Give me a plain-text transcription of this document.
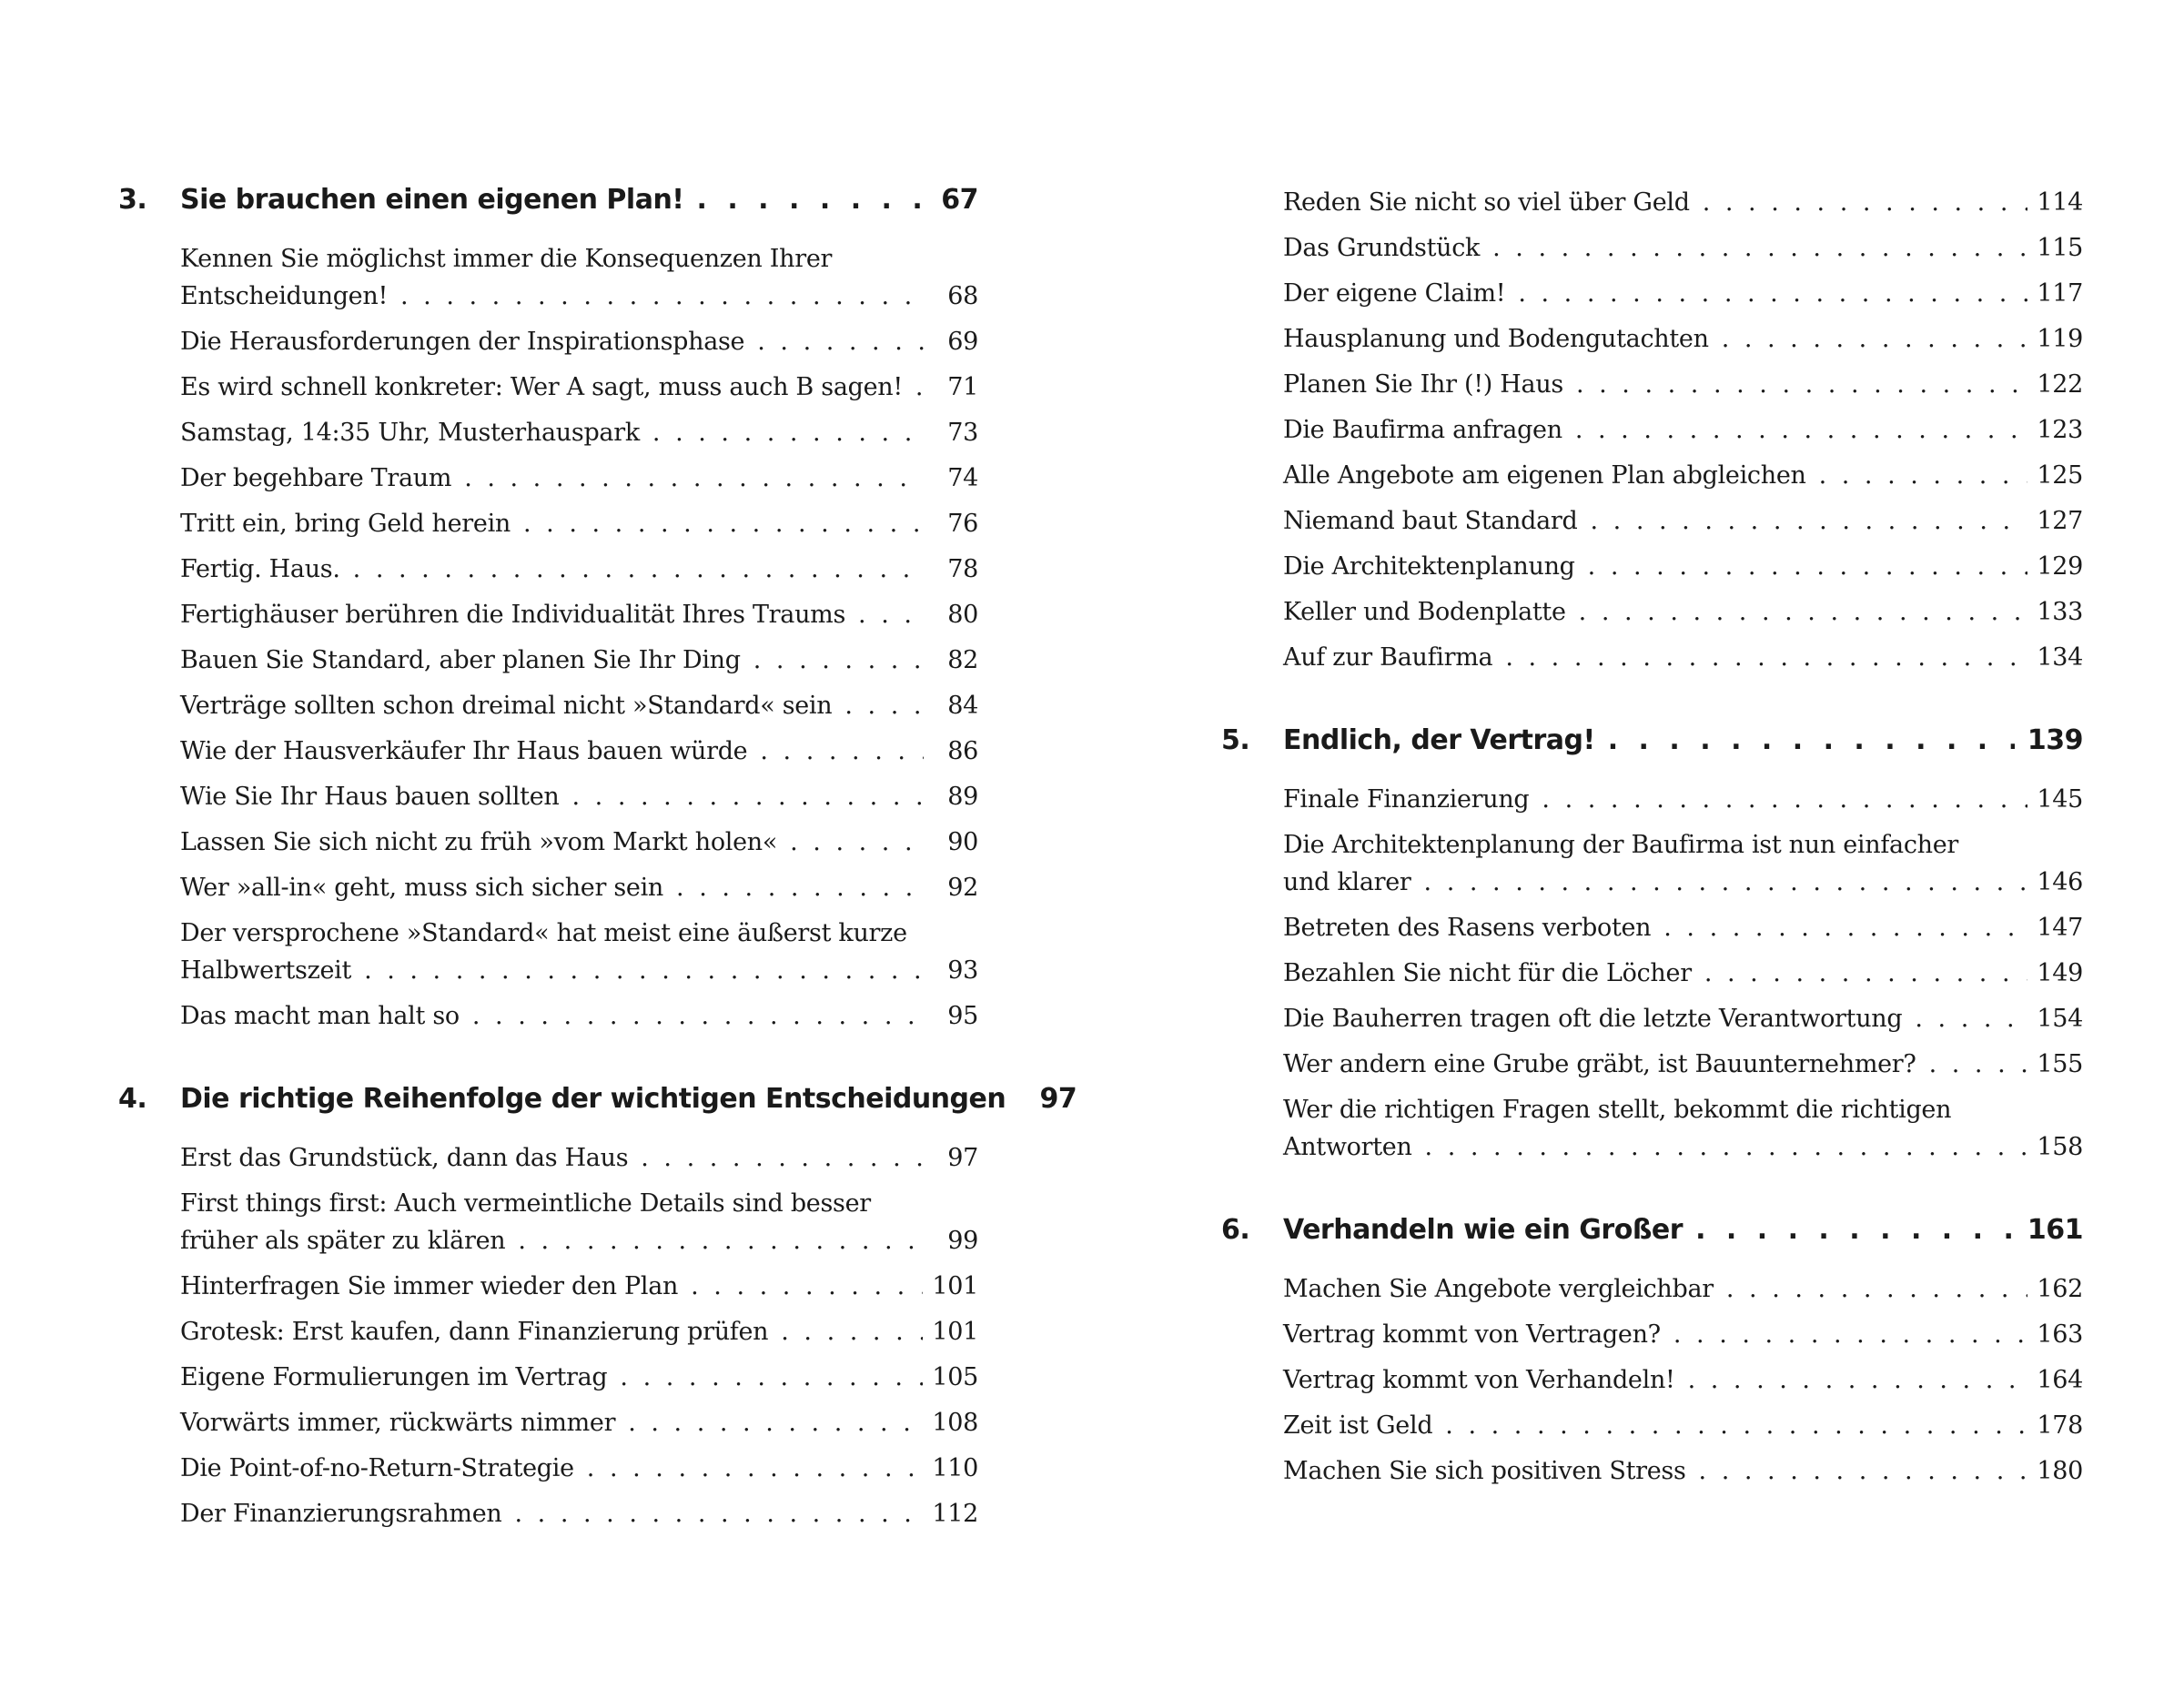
3.	Sie brauchen einen eigenen Plan! . . .	67
Kennen Sie möglichst immer die Konsequenzen Ihrer
Entscheidungen! . . .	68
Die Herausforderungen der Inspirationsphase . . .	69
Es wird schnell konkreter: Wer A sagt, muss auch B sagen! . . .	71
Samstag, 14:35 Uhr, Musterhauspark . . .	73
Der begehbare Traum . . .	74
Tritt ein, bring Geld herein . . .	76
Fertig. Haus. . . .	78
Fertighäuser berühren die Individualität Ihres Traums . . .	80
Bauen Sie Standard, aber planen Sie Ihr Ding . . .	82
Verträge sollten schon dreimal nicht »Standard« sein . . .	84
Wie der Hausverkäufer Ihr Haus bauen würde . . .	86
Wie Sie Ihr Haus bauen sollten . . .	89
Lassen Sie sich nicht zu früh »vom Markt holen« . . .	90
Wer »all-in« geht, muss sich sicher sein . . .	92
Der versprochene »Standard« hat meist eine äußerst kurze
Halbwertszeit . . .	93
Das macht man halt so . . .	95
4.	Die richtige Reihenfolge der wichtigen Entscheidungen	97
Erst das Grundstück, dann das Haus . . .	97
First things first: Auch vermeintliche Details sind besser
früher als später zu klären . . .	99
Hinterfragen Sie immer wieder den Plan . . .	101
Grotesk: Erst kaufen, dann Finanzierung prüfen . . .	101
Eigene Formulierungen im Vertrag . . .	105
Vorwärts immer, rückwärts nimmer . . .	108
Die Point-of-no-Return-Strategie . . .	110
Der Finanzierungsrahmen . . .	112
Reden Sie nicht so viel über Geld . . .	114
Das Grundstück . . .	115
Der eigene Claim! . . .	117
Hausplanung und Bodengutachten . . .	119
Planen Sie Ihr (!) Haus . . .	122
Die Baufirma anfragen . . .	123
Alle Angebote am eigenen Plan abgleichen . . .	125
Niemand baut Standard . . .	127
Die Architektenplanung . . .	129
Keller und Bodenplatte . . .	133
Auf zur Baufirma . . .	134
5.	Endlich, der Vertrag! . . .	139
Finale Finanzierung . . .	145
Die Architektenplanung der Baufirma ist nun einfacher
und klarer . . .	146
Betreten des Rasens verboten . . .	147
Bezahlen Sie nicht für die Löcher . . .	149
Die Bauherren tragen oft die letzte Verantwortung . . .	154
Wer andern eine Grube gräbt, ist Bauunternehmer? . . .	155
Wer die richtigen Fragen stellt, bekommt die richtigen
Antworten . . .	158
6.	Verhandeln wie ein Großer . . .	161
Machen Sie Angebote vergleichbar . . .	162
Vertrag kommt von Vertragen? . . .	163
Vertrag kommt von Verhandeln! . . .	164
Zeit ist Geld . . .	178
Machen Sie sich positiven Stress . . .	180
